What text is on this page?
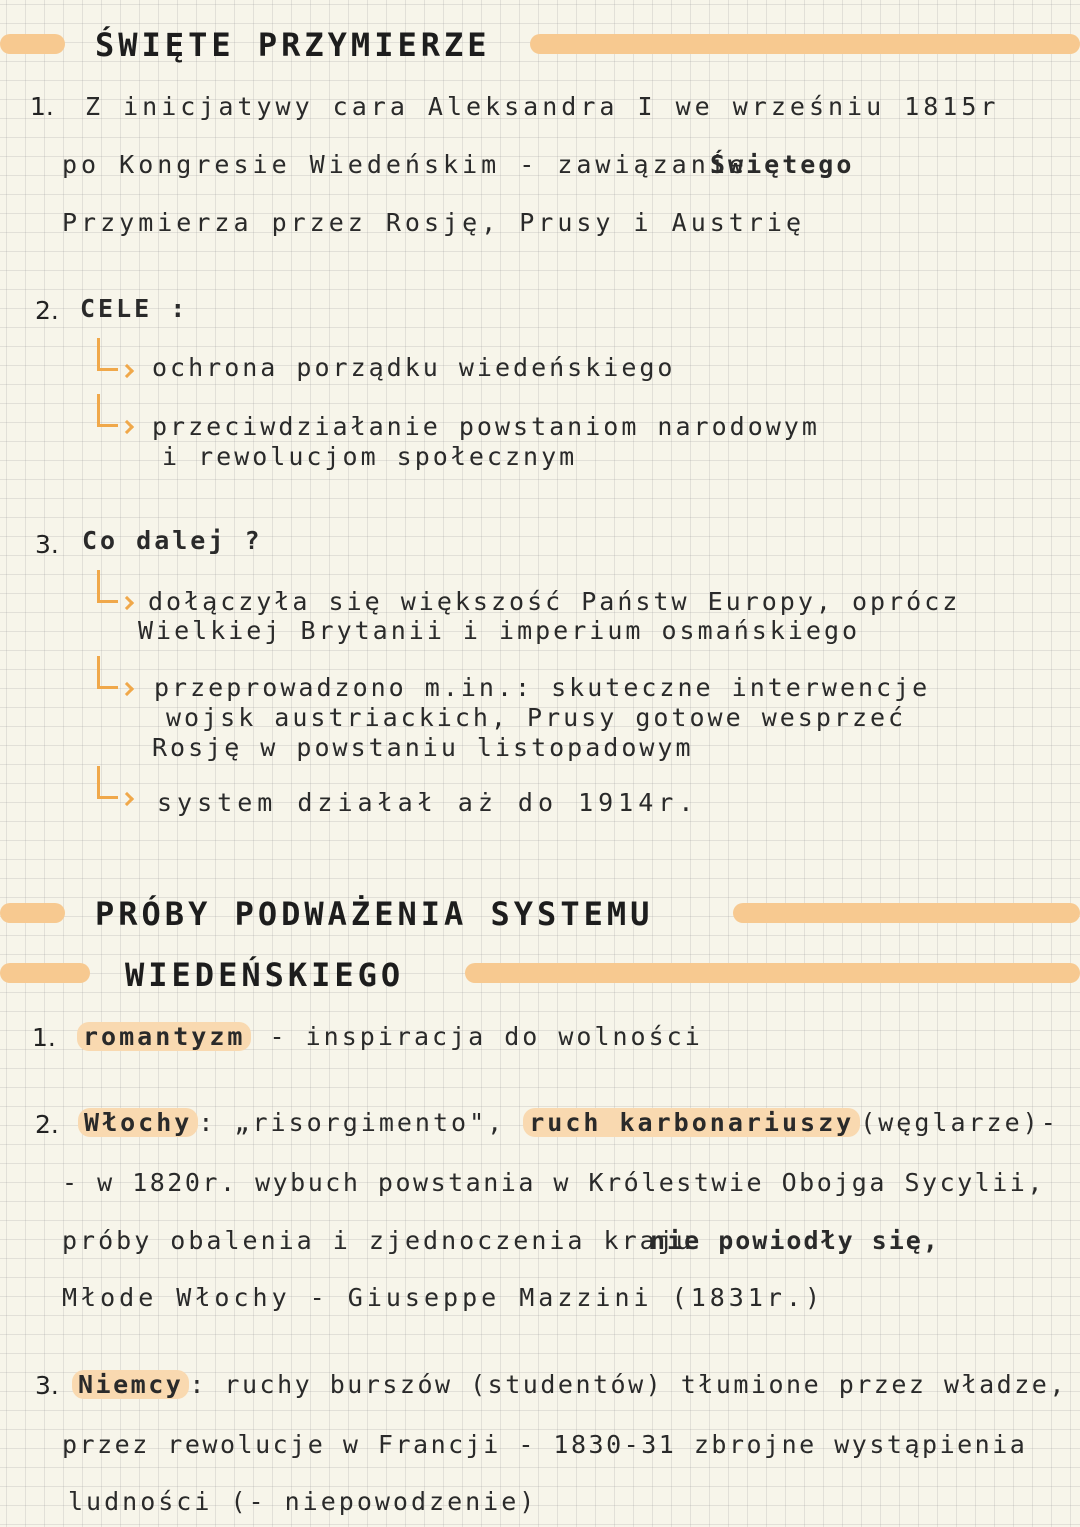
ŚWIĘTE PRZYMIERZE
1. Z inicjatywy cara Aleksandra I we wrześniu 1815r
po Kongresie Wiedeńskim - zawiązanie
Świętego
Przymierza przez Rosję, Prusy i Austrię
2. CELE :
ochrona porządku wiedeńskiego
przeciwdziałanie powstaniom narodowym
i rewolucjom społecznym
3. Co dalej ?
dołączyła się większość Państw Europy, oprócz
Wielkiej Brytanii i imperium osmańskiego
przeprowadzono m.in.: skuteczne interwencje
wojsk austriackich, Prusy gotowe wesprzeć
Rosję w powstaniu listopadowym
system działał aż do 1914r.
PRÓBY PODWAŻENIA SYSTEMU
WIEDEŃSKIEGO
1. romantyzm - inspiracja do wolności
2. Włochy : „risorgimento", ruch karbonariuszy (węglarze)-
- w 1820r. wybuch powstania w Królestwie Obojga Sycylii,
próby obalenia i zjednoczenia kraju
nie powiodły się,
Młode Włochy - Giuseppe Mazzini (1831r.)
3. Niemcy : ruchy burszów (studentów) tłumione przez władze,
przez rewolucje w Francji - 1830-31 zbrojne wystąpienia
ludności (- niepowodzenie)
